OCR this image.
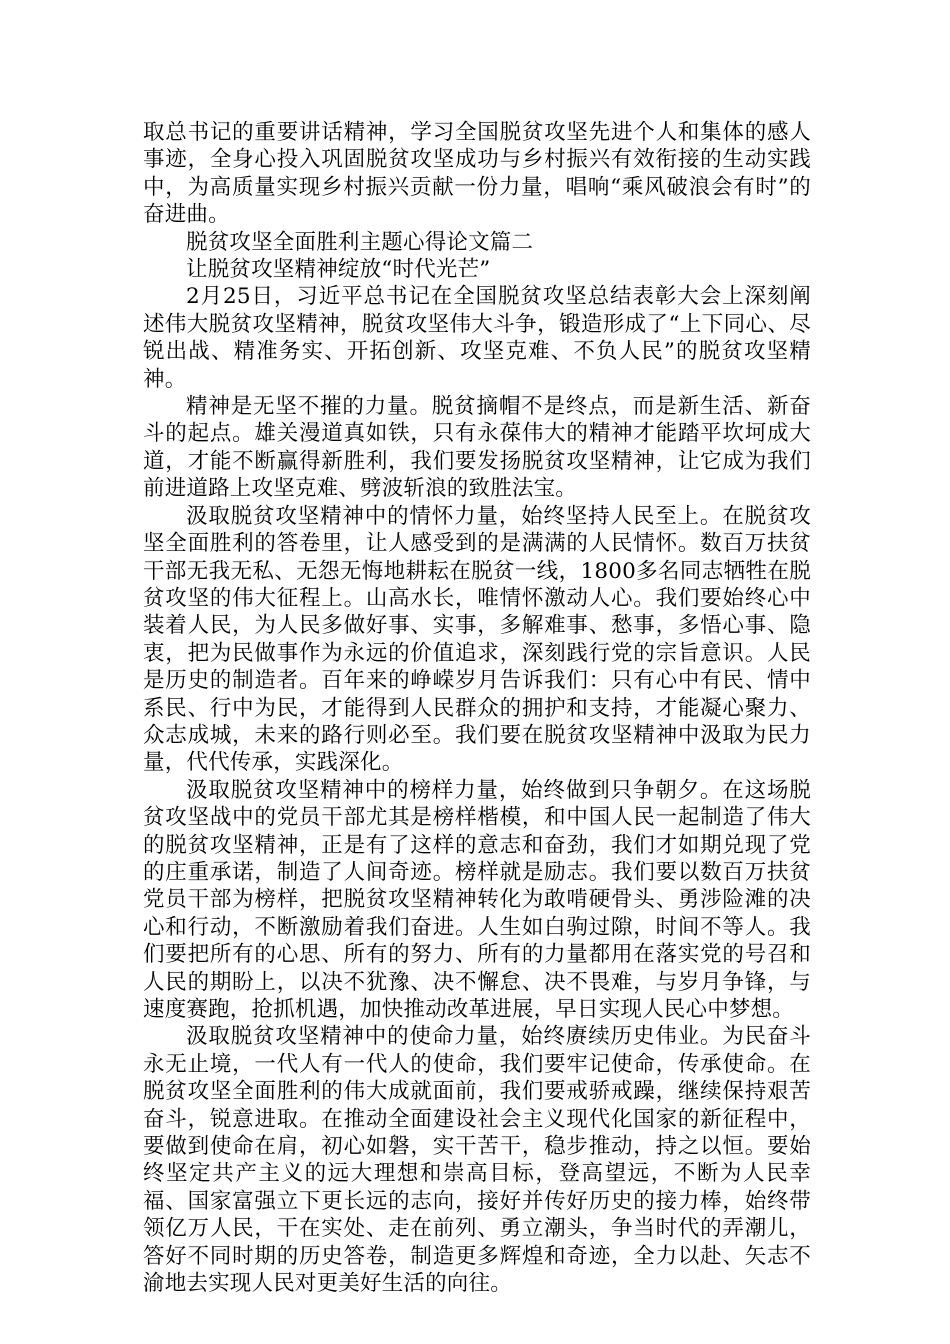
取总书记的重要讲话精神，学习全国脱贫攻坚先进个人和集体的感人事迹，全身心投入巩固脱贫攻坚成功与乡村振兴有效衔接的生动实践中，为高质量实现乡村振兴贡献一份力量，唱响“乘风破浪会有时”的奋进曲。

脱贫攻坚全面胜利主题心得论文篇二

让脱贫攻坚精神绽放“时代光芒”

2月25日，习近平总书记在全国脱贫攻坚总结表彰大会上深刻阐述伟大脱贫攻坚精神，脱贫攻坚伟大斗争，锻造形成了“上下同心、尽锐出战、精准务实、开拓创新、攻坚克难、不负人民”的脱贫攻坚精神。

精神是无坚不摧的力量。脱贫摘帽不是终点，而是新生活、新奋斗的起点。雄关漫道真如铁，只有永葆伟大的精神才能踏平坎坷成大道，才能不断赢得新胜利，我们要发扬脱贫攻坚精神，让它成为我们前进道路上攻坚克难、劈波斩浪的致胜法宝。

汲取脱贫攻坚精神中的情怀力量，始终坚持人民至上。在脱贫攻坚全面胜利的答卷里，让人感受到的是满满的人民情怀。数百万扶贫干部无我无私、无怨无悔地耕耘在脱贫一线，1800多名同志牺牲在脱贫攻坚的伟大征程上。山高水长，唯情怀激动人心。我们要始终心中装着人民，为人民多做好事、实事，多解难事、愁事，多悟心事、隐衷，把为民做事作为永远的价值追求，深刻践行党的宗旨意识。人民是历史的制造者。百年来的峥嵘岁月告诉我们：只有心中有民、情中系民、行中为民，才能得到人民群众的拥护和支持，才能凝心聚力、众志成城，未来的路行则必至。我们要在脱贫攻坚精神中汲取为民力量，代代传承，实践深化。

汲取脱贫攻坚精神中的榜样力量，始终做到只争朝夕。在这场脱贫攻坚战中的党员干部尤其是榜样楷模，和中国人民一起制造了伟大的脱贫攻坚精神，正是有了这样的意志和奋劲，我们才如期兑现了党的庄重承诺，制造了人间奇迹。榜样就是励志。我们要以数百万扶贫党员干部为榜样，把脱贫攻坚精神转化为敢啃硬骨头、勇涉险滩的决心和行动，不断激励着我们奋进。人生如白驹过隙，时间不等人。我们要把所有的心思、所有的努力、所有的力量都用在落实党的号召和人民的期盼上，以决不犹豫、决不懈怠、决不畏难，与岁月争锋，与速度赛跑，抢抓机遇，加快推动改革进展，早日实现人民心中梦想。

汲取脱贫攻坚精神中的使命力量，始终赓续历史伟业。为民奋斗永无止境，一代人有一代人的使命，我们要牢记使命，传承使命。在脱贫攻坚全面胜利的伟大成就面前，我们要戒骄戒躁，继续保持艰苦奋斗，锐意进取。在推动全面建设社会主义现代化国家的新征程中，要做到使命在肩，初心如磐，实干苦干，稳步推动，持之以恒。要始终坚定共产主义的远大理想和崇高目标，登高望远，不断为人民幸福、国家富强立下更长远的志向，接好并传好历史的接力棒，始终带领亿万人民，干在实处、走在前列、勇立潮头，争当时代的弄潮儿，答好不同时期的历史答卷，制造更多辉煌和奇迹，全力以赴、矢志不渝地去实现人民对更美好生活的向往。
